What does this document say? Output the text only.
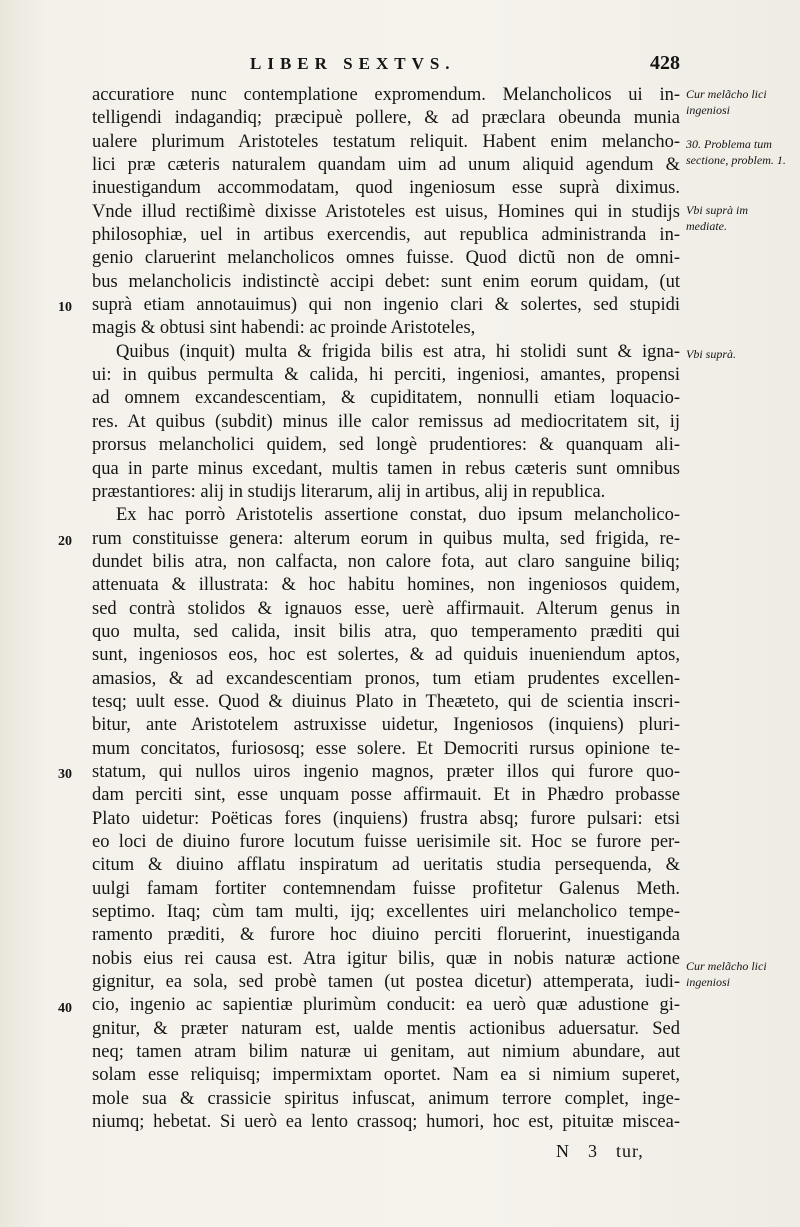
LIBER SEXTVS.	428
accuratiore nunc contemplatione expromendum. Melancholicos ui in-
telligendi indagandiq; præcipuè pollere, & ad præclara obeunda munia
ualere plurimum Aristoteles testatum reliquit. Habent enim melancho-
lici præ cæteris naturalem quandam uim ad unum aliquid agendum &
inuestigandum accommodatam, quod ingeniosum esse suprà diximus.
Vnde illud rectißimè dixisse Aristoteles est uisus, Homines qui in studijs
philosophiæ, uel in artibus exercendis, aut republica administranda in-
genio claruerint melancholicos omnes fuisse. Quod dictũ non de omni-
bus melancholicis indistinctè accipi debet: sunt enim eorum quidam, (ut
suprà etiam annotauimus) qui non ingenio clari & solertes, sed stupidi
magis & obtusi sint habendi: ac proinde Aristoteles,
Quibus (inquit) multa & frigida bilis est atra, hi stolidi sunt & igna-
ui: in quibus permulta & calida, hi perciti, ingeniosi, amantes, propensi
ad omnem excandescentiam, & cupiditatem, nonnulli etiam loquacio-
res. At quibus (subdit) minus ille calor remissus ad mediocritatem sit, ij
prorsus melancholici quidem, sed longè prudentiores: & quanquam ali-
qua in parte minus excedant, multis tamen in rebus cæteris sunt omnibus
præstantiores: alij in studijs literarum, alij in artibus, alij in republica.
Ex hac porrò Aristotelis assertione constat, duo ipsum melancholico-
rum constituisse genera: alterum eorum in quibus multa, sed frigida, re-
dundet bilis atra, non calfacta, non calore fota, aut claro sanguine biliq;
attenuata & illustrata: & hoc habitu homines, non ingeniosos quidem,
sed contrà stolidos & ignauos esse, uerè affirmauit. Alterum genus in
quo multa, sed calida, insit bilis atra, quo temperamento præditi qui
sunt, ingeniosos eos, hoc est solertes, & ad quiduis inueniendum aptos,
amasios, & ad excandescentiam pronos, tum etiam prudentes excellen-
tesq; uult esse. Quod & diuinus Plato in Theæteto, qui de scientia inscri-
bitur, ante Aristotelem astruxisse uidetur, Ingeniosos (inquiens) pluri-
mum concitatos, furiososq; esse solere. Et Democriti rursus opinione te-
statum, qui nullos uiros ingenio magnos, præter illos qui furore quo-
dam perciti sint, esse unquam posse affirmauit. Et in Phædro probasse
Plato uidetur: Poëticas fores (inquiens) frustra absq; furore pulsari: etsi
eo loci de diuino furore locutum fuisse uerisimile sit. Hoc se furore per-
citum & diuino afflatu inspiratum ad ueritatis studia persequenda, &
uulgi famam fortiter contemnendam fuisse profitetur Galenus Meth.
septimo. Itaq; cùm tam multi, ijq; excellentes uiri melancholico tempe-
ramento præditi, & furore hoc diuino perciti floruerint, inuestiganda
nobis eius rei causa est. Atra igitur bilis, quæ in nobis naturæ actione
gignitur, ea sola, sed probè tamen (ut postea dicetur) attemperata, iudi-
cio, ingenio ac sapientiæ plurimùm conducit: ea uerò quæ adustione gi-
gnitur, & præter naturam est, ualde mentis actionibus aduersatur. Sed
neq; tamen atram bilim naturæ ui genitam, aut nimium abundare, aut
solam esse reliquisq; impermixtam oportet. Nam ea si nimium superet,
mole sua & crassicie spiritus infuscat, animum terrore complet, inge-
niumq; hebetat. Si uerò ea lento crassoq; humori, hoc est, pituitæ miscea-
10
20
30
40
Cur melãcho lici ingeniosi
30. Problema tum sectione, problem. 1.
Vbi suprà im mediate.
Vbi suprà.
Cur melãcho lici ingeniosi
N 3 tur,
